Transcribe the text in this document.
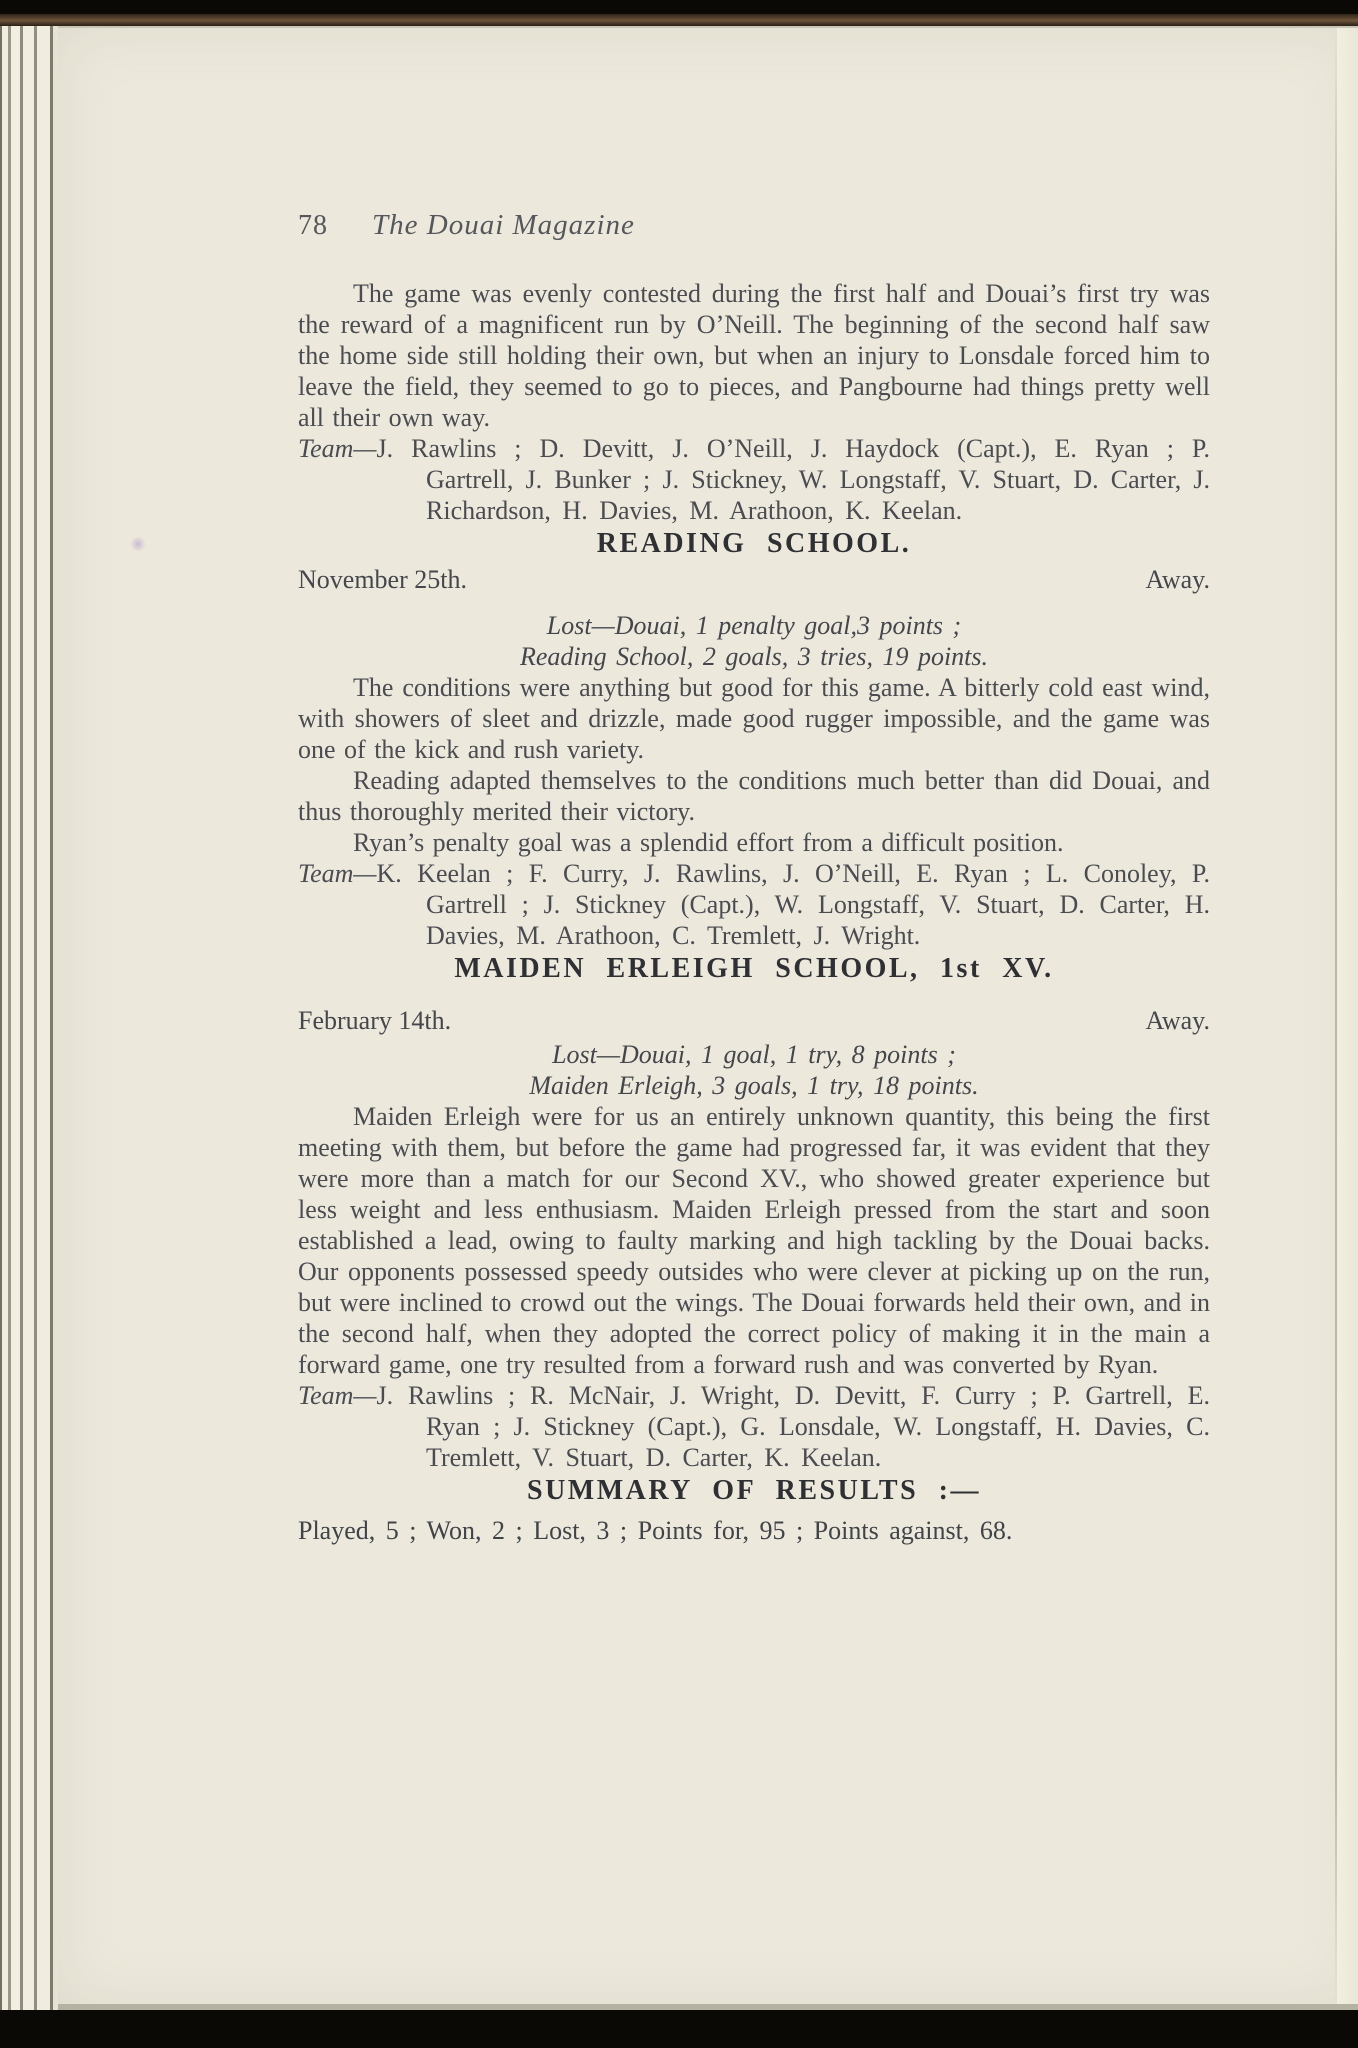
78 The Douai Magazine

The game was evenly contested during the first half and Douai’s first try was the reward of a magnificent run by O’Neill. The beginning of the second half saw the home side still holding their own, but when an injury to Lonsdale forced him to leave the field, they seemed to go to pieces, and Pangbourne had things pretty well all their own way.

Team—J. Rawlins ; D. Devitt, J. O’Neill, J. Haydock (Capt.), E. Ryan ; P. Gartrell, J. Bunker ; J. Stickney, W. Longstaff, V. Stuart, D. Carter, J. Richardson, H. Davies, M. Arathoon, K. Keelan.

READING SCHOOL.
November 25th.	Away.

Lost—Douai, 1 penalty goal,3 points ;

Reading School, 2 goals, 3 tries, 19 points.

The conditions were anything but good for this game. A bitterly cold east wind, with showers of sleet and drizzle, made good rugger impossible, and the game was one of the kick and rush variety.

Reading adapted themselves to the conditions much better than did Douai, and thus thoroughly merited their victory.

Ryan’s penalty goal was a splendid effort from a difficult position.

Team—K. Keelan ; F. Curry, J. Rawlins, J. O’Neill, E. Ryan ; L. Conoley, P. Gartrell ; J. Stickney (Capt.), W. Longstaff, V. Stuart, D. Carter, H. Davies, M. Arathoon, C. Tremlett, J. Wright.

MAIDEN ERLEIGH SCHOOL, 1st XV.
February 14th.	Away.

Lost—Douai, 1 goal, 1 try, 8 points ;

Maiden Erleigh, 3 goals, 1 try, 18 points.

Maiden Erleigh were for us an entirely unknown quantity, this being the first meeting with them, but before the game had progressed far, it was evident that they were more than a match for our Second XV., who showed greater experience but less weight and less enthusiasm. Maiden Erleigh pressed from the start and soon established a lead, owing to faulty marking and high tackling by the Douai backs. Our opponents possessed speedy outsides who were clever at picking up on the run, but were inclined to crowd out the wings. The Douai forwards held their own, and in the second half, when they adopted the correct policy of making it in the main a forward game, one try resulted from a forward rush and was converted by Ryan.

Team—J. Rawlins ; R. McNair, J. Wright, D. Devitt, F. Curry ; P. Gartrell, E. Ryan ; J. Stickney (Capt.), G. Lonsdale, W. Longstaff, H. Davies, C. Tremlett, V. Stuart, D. Carter, K. Keelan.

SUMMARY OF RESULTS :—

Played, 5 ; Won, 2 ; Lost, 3 ; Points for, 95 ; Points against, 68.
